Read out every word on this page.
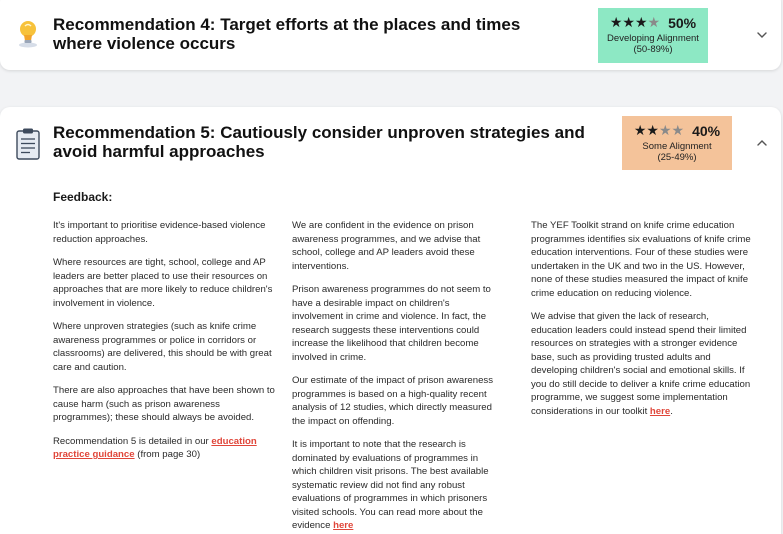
Recommendation 4: Target efforts at the places and times where violence occurs
★★★★ 50%
Developing Alignment
(50-89%)
Recommendation 5: Cautiously consider unproven strategies and avoid harmful approaches
★★★★ 40%
Some Alignment
(25-49%)
Feedback:

It's important to prioritise evidence-based violence reduction approaches.

Where resources are tight, school, college and AP leaders are better placed to use their resources on approaches that are more likely to reduce children's involvement in violence.

Where unproven strategies (such as knife crime awareness programmes or police in corridors or classrooms) are delivered, this should be with great care and caution.

There are also approaches that have been shown to cause harm (such as prison awareness programmes); these should always be avoided.

Recommendation 5 is detailed in our education practice guidance (from page 30)

We are confident in the evidence on prison awareness programmes, and we advise that school, college and AP leaders avoid these interventions.

Prison awareness programmes do not seem to have a desirable impact on children's involvement in crime and violence. In fact, the research suggests these interventions could increase the likelihood that children become involved in crime.

Our estimate of the impact of prison awareness programmes is based on a high-quality recent analysis of 12 studies, which directly measured the impact on offending.

It is important to note that the research is dominated by evaluations of programmes in which children visit prisons. The best available systematic review did not find any robust evaluations of programmes in which prisoners visited schools. You can read more about the evidence here

The YEF Toolkit strand on knife crime education programmes identifies six evaluations of knife crime education interventions. Four of these studies were undertaken in the UK and two in the US. However, none of these studies measured the impact of knife crime education on reducing violence.

We advise that given the lack of research, education leaders could instead spend their limited resources on strategies with a stronger evidence base, such as providing trusted adults and developing children's social and emotional skills. If you do still decide to deliver a knife crime education programme, we suggest some implementation considerations in our toolkit here.
